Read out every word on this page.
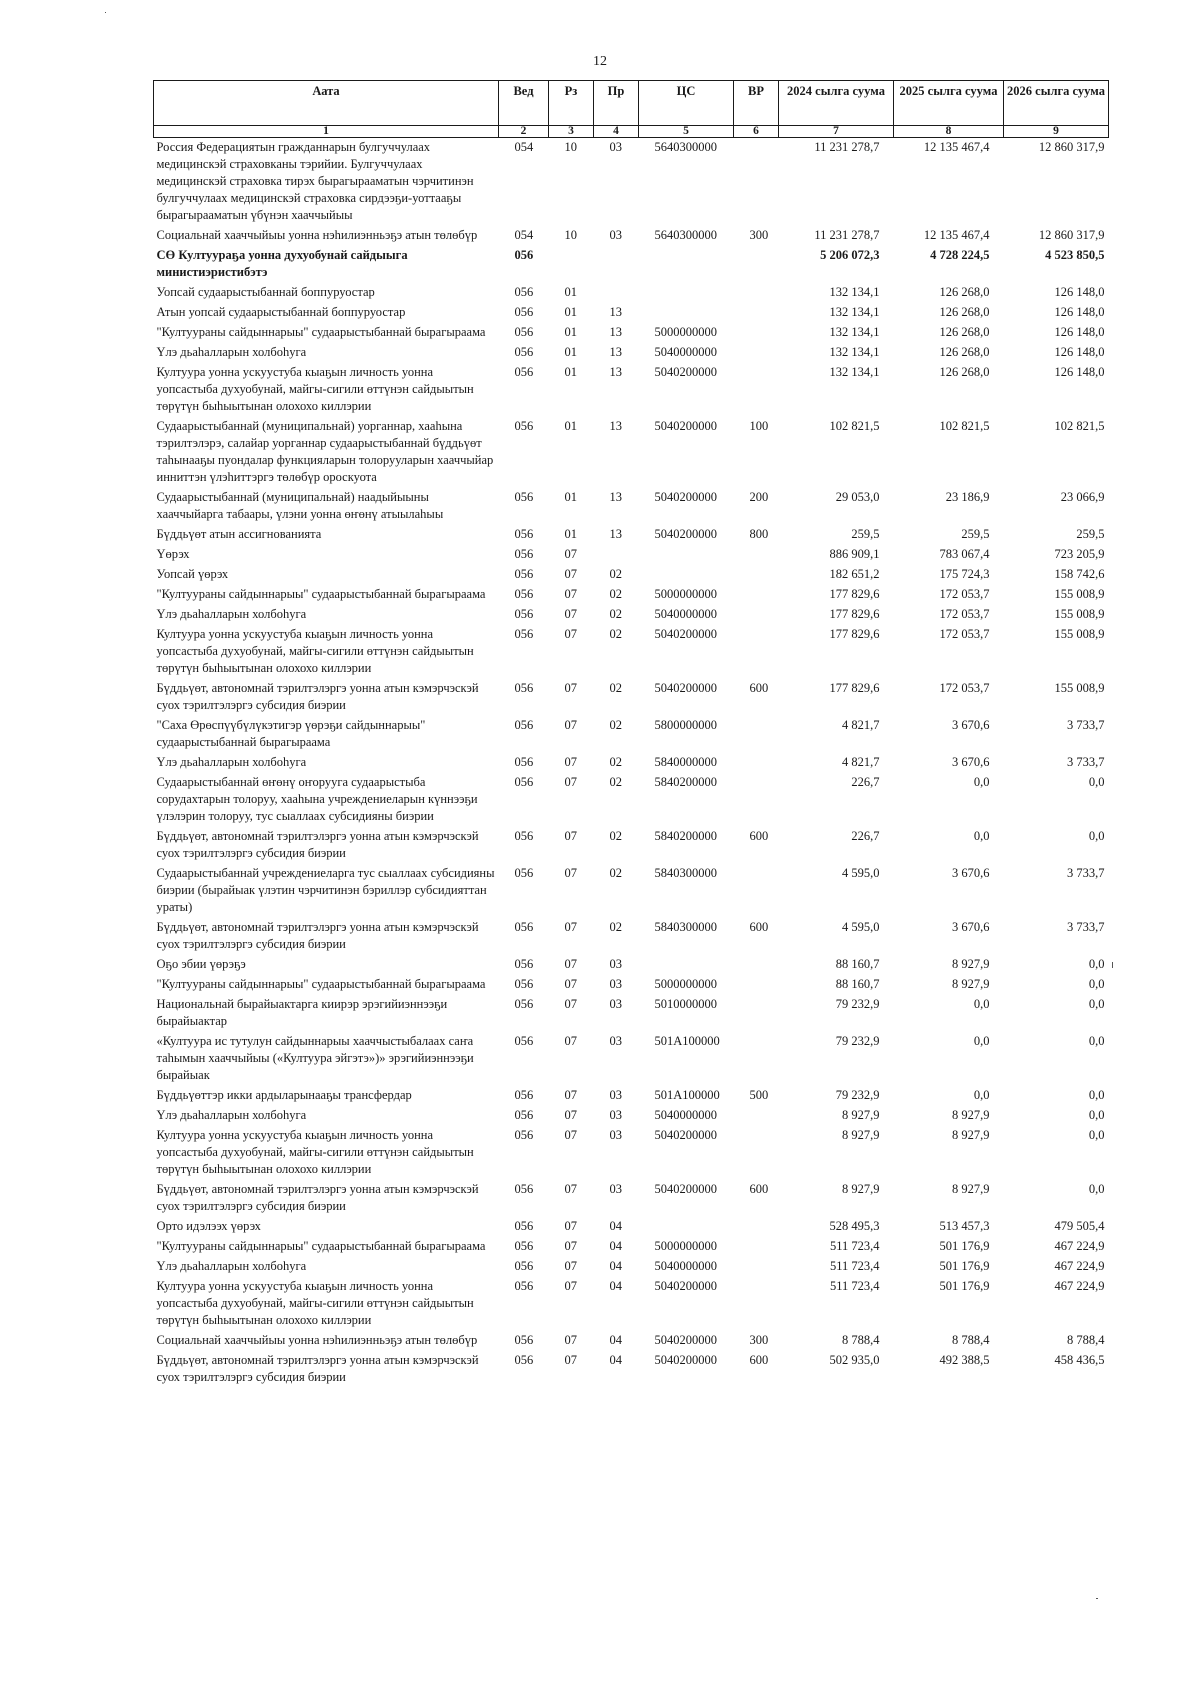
12
Аата	Вед	Рз	Пр	ЦС	ВР	2024 сылга суума	2025 сылга суума	2026 сылга суума
1	2	3	4	5	6	7	8	9
Россия Федерациятын гражданнарын булгуччулаах медицинскэй страховканы тэрийии. Булгуччулаах медицинскэй страховка тирэх бырагырааматын чэрчитинэн булгуччулаах медицинскэй страховка сирдээҕи-уоттааҕы бырагырааматын үбүнэн хааччыйыы	054	10	03	5640300000		11 231 278,7	12 135 467,4	12 860 317,9
Социальнай хааччыйыы уонна нэһилиэнньэҕэ атын төлөбүр	054	10	03	5640300000	300	11 231 278,7	12 135 467,4	12 860 317,9
СӨ Култуураҕа уонна духуобунай сайдыыга министиэристибэтэ	056					5 206 072,3	4 728 224,5	4 523 850,5
Уопсай судаарыстыбаннай боппуруостар	056	01				132 134,1	126 268,0	126 148,0
Атын уопсай судаарыстыбаннай боппуруостар	056	01	13			132 134,1	126 268,0	126 148,0
"Култуураны сайдыннарыы" судаарыстыбаннай бырагыраама	056	01	13	5000000000		132 134,1	126 268,0	126 148,0
Үлэ дьаһалларын холбоһуга	056	01	13	5040000000		132 134,1	126 268,0	126 148,0
Култуура уонна ускуустуба кыаҕын личность уонна уопсастыба духуобунай, майгы-сигили өттүнэн сайдыытын төрүтүн быһыытынан олохохо киллэрии	056	01	13	5040200000		132 134,1	126 268,0	126 148,0
Судаарыстыбаннай (муниципальнай) уорганнар, хааһына тэрилтэлэрэ, салайар уорганнар судаарыстыбаннай бүддьүөт таһынааҕы пуондалар функцияларын толорууларын хааччыйар инниттэн үлэһиттэргэ төлөбүр ороскуота	056	01	13	5040200000	100	102 821,5	102 821,5	102 821,5
Судаарыстыбаннай (муниципальнай) наадыйыыны хааччыйарга табаары, үлэни уонна өҥөнү атыылаһыы	056	01	13	5040200000	200	29 053,0	23 186,9	23 066,9
Бүддьүөт атын ассигнованията	056	01	13	5040200000	800	259,5	259,5	259,5
Үөрэх	056	07				886 909,1	783 067,4	723 205,9
Уопсай үөрэх	056	07	02			182 651,2	175 724,3	158 742,6
"Култуураны сайдыннарыы" судаарыстыбаннай бырагыраама	056	07	02	5000000000		177 829,6	172 053,7	155 008,9
Үлэ дьаһалларын холбоһуга	056	07	02	5040000000		177 829,6	172 053,7	155 008,9
Култуура уонна ускуустуба кыаҕын личность уонна уопсастыба духуобунай, майгы-сигили өттүнэн сайдыытын төрүтүн быһыытынан олохохо киллэрии	056	07	02	5040200000		177 829,6	172 053,7	155 008,9
Бүддьүөт, автономнай тэрилтэлэргэ уонна атын кэмэрчэскэй суох тэрилтэлэргэ субсидия биэрии	056	07	02	5040200000	600	177 829,6	172 053,7	155 008,9
"Саха Өрөспүүбүлүкэтигэр үөрэҕи сайдыннарыы" судаарыстыбаннай бырагыраама	056	07	02	5800000000		4 821,7	3 670,6	3 733,7
Үлэ дьаһалларын холбоһуга	056	07	02	5840000000		4 821,7	3 670,6	3 733,7
Судаарыстыбаннай өҥөнү оҥорууга судаарыстыба сорудахтарын толоруу, хааһына учреждениеларын күннээҕи үлэлэрин толоруу, тус сыаллаах субсидияны биэрии	056	07	02	5840200000		226,7	0,0	0,0
Бүддьүөт, автономнай тэрилтэлэргэ уонна атын кэмэрчэскэй суох тэрилтэлэргэ субсидия биэрии	056	07	02	5840200000	600	226,7	0,0	0,0
Судаарыстыбаннай учреждениеларга тус сыаллаах субсидияны биэрии (бырайыак үлэтин чэрчитинэн бэриллэр субсидияттан ураты)	056	07	02	5840300000		4 595,0	3 670,6	3 733,7
Бүддьүөт, автономнай тэрилтэлэргэ уонна атын кэмэрчэскэй суох тэрилтэлэргэ субсидия биэрии	056	07	02	5840300000	600	4 595,0	3 670,6	3 733,7
Оҕо эбии үөрэҕэ	056	07	03			88 160,7	8 927,9	0,0
"Култуураны сайдыннарыы" судаарыстыбаннай бырагыраама	056	07	03	5000000000		88 160,7	8 927,9	0,0
Национальнай бырайыактарга киирэр эрэгийиэннээҕи бырайыактар	056	07	03	5010000000		79 232,9	0,0	0,0
«Култуура ис тутулун сайдыннарыы хааччыстыбалаах саҥа таһымын хааччыйыы («Култуура эйгэтэ»)» эрэгийиэннээҕи бырайыак	056	07	03	501A100000		79 232,9	0,0	0,0
Бүддьүөттэр икки ардыларынааҕы трансфердар	056	07	03	501A100000	500	79 232,9	0,0	0,0
Үлэ дьаһалларын холбоһуга	056	07	03	5040000000		8 927,9	8 927,9	0,0
Култуура уонна ускуустуба кыаҕын личность уонна уопсастыба духуобунай, майгы-сигили өттүнэн сайдыытын төрүтүн быһыытынан олохохо киллэрии	056	07	03	5040200000		8 927,9	8 927,9	0,0
Бүддьүөт, автономнай тэрилтэлэргэ уонна атын кэмэрчэскэй суох тэрилтэлэргэ субсидия биэрии	056	07	03	5040200000	600	8 927,9	8 927,9	0,0
Орто идэлээх үөрэх	056	07	04			528 495,3	513 457,3	479 505,4
"Култуураны сайдыннарыы" судаарыстыбаннай бырагыраама	056	07	04	5000000000		511 723,4	501 176,9	467 224,9
Үлэ дьаһалларын холбоһуга	056	07	04	5040000000		511 723,4	501 176,9	467 224,9
Култуура уонна ускуустуба кыаҕын личность уонна уопсастыба духуобунай, майгы-сигили өттүнэн сайдыытын төрүтүн быһыытынан олохохо киллэрии	056	07	04	5040200000		511 723,4	501 176,9	467 224,9
Социальнай хааччыйыы уонна нэһилиэнньэҕэ атын төлөбүр	056	07	04	5040200000	300	8 788,4	8 788,4	8 788,4
Бүддьүөт, автономнай тэрилтэлэргэ уонна атын кэмэрчэскэй суох тэрилтэлэргэ субсидия биэрии	056	07	04	5040200000	600	502 935,0	492 388,5	458 436,5
